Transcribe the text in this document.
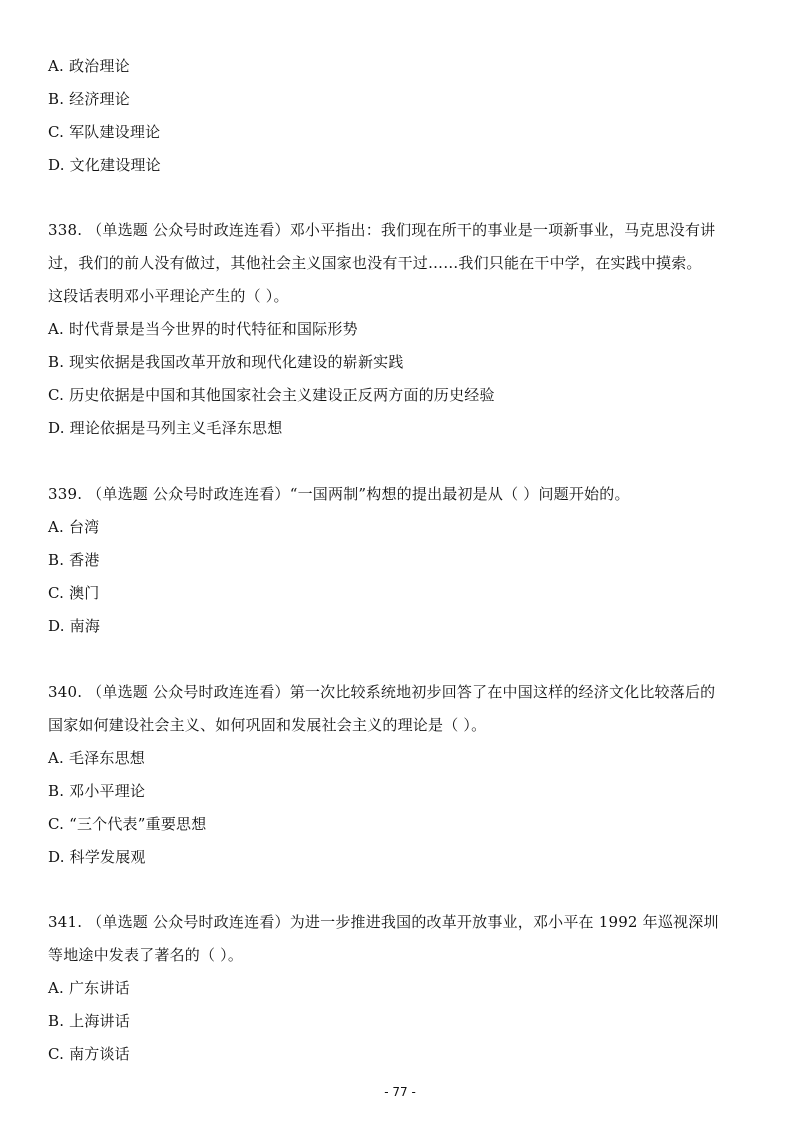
A. 政治理论
B. 经济理论
C. 军队建设理论
D. 文化建设理论
338. （单选题 公众号时政连连看）邓小平指出：我们现在所干的事业是一项新事业，马克思没有讲
过，我们的前人没有做过，其他社会主义国家也没有干过……我们只能在干中学，在实践中摸索。
这段话表明邓小平理论产生的（ ）。
A. 时代背景是当今世界的时代特征和国际形势
B. 现实依据是我国改革开放和现代化建设的崭新实践
C. 历史依据是中国和其他国家社会主义建设正反两方面的历史经验
D. 理论依据是马列主义毛泽东思想
339. （单选题 公众号时政连连看）“一国两制”构想的提出最初是从（ ）问题开始的。
A. 台湾
B. 香港
C. 澳门
D. 南海
340. （单选题 公众号时政连连看）第一次比较系统地初步回答了在中国这样的经济文化比较落后的
国家如何建设社会主义、如何巩固和发展社会主义的理论是（ ）。
A. 毛泽东思想
B. 邓小平理论
C. “三个代表”重要思想
D. 科学发展观
341. （单选题 公众号时政连连看）为进一步推进我国的改革开放事业，邓小平在 1992 年巡视深圳
等地途中发表了著名的（ ）。
A. 广东讲话
B. 上海讲话
C. 南方谈话
- 77 -
